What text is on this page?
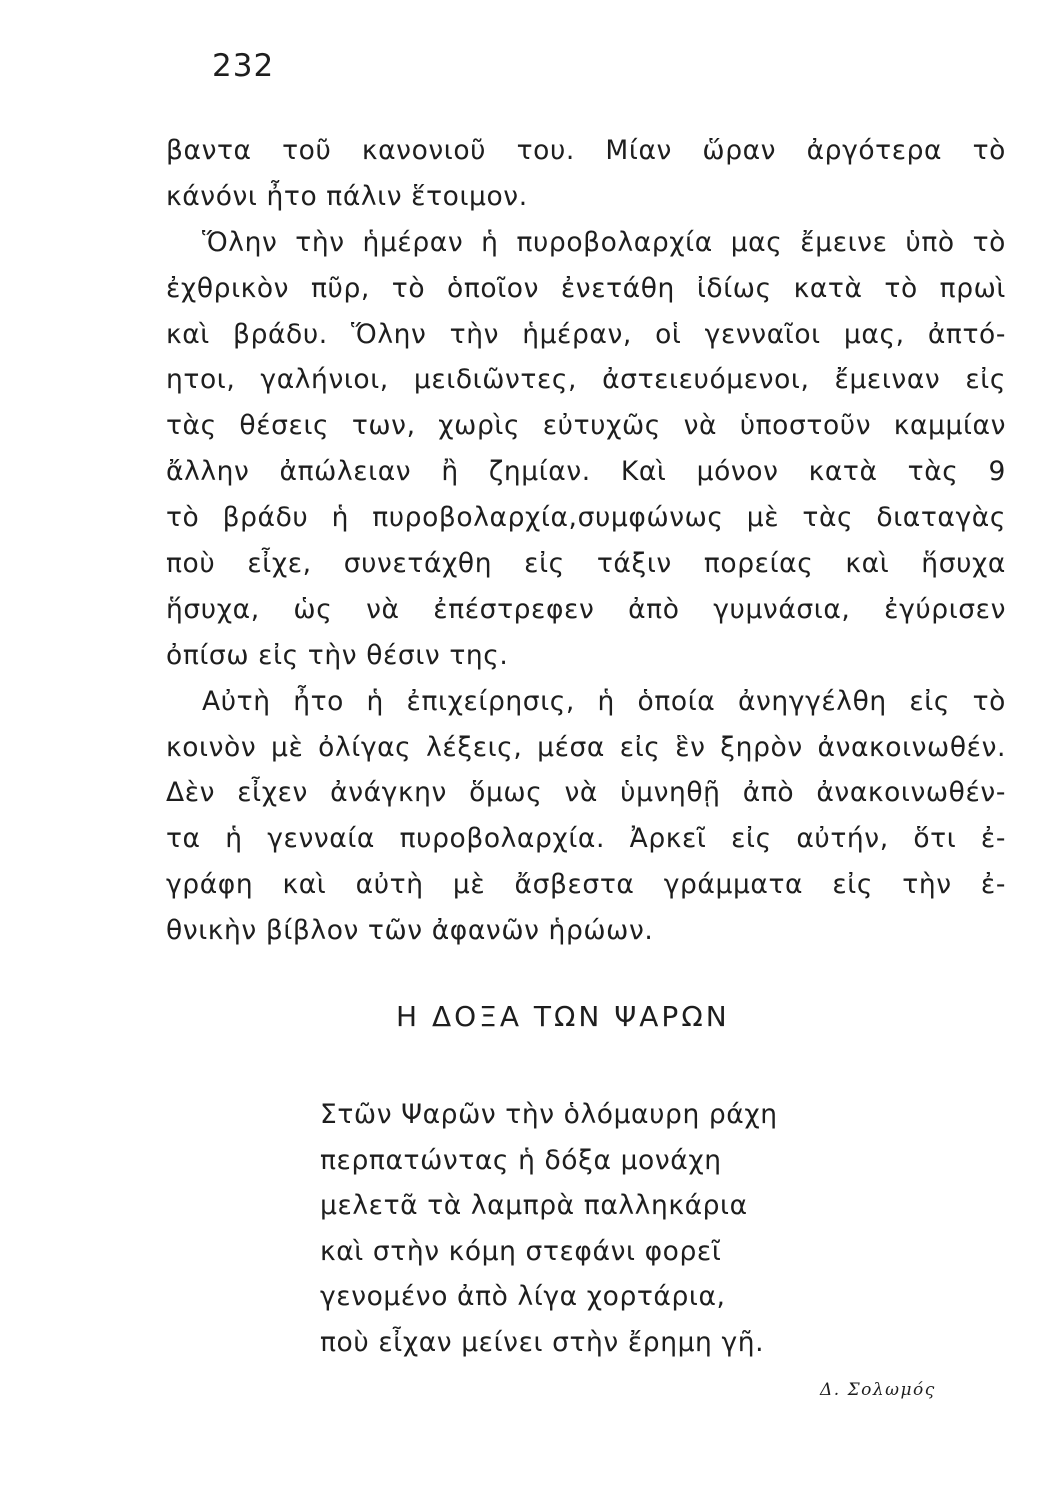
232
βαντα τοῦ κανονιοῦ του. Μίαν ὥραν ἀργότερα τὸ
κάνόνι ἦτο πάλιν ἕτοιμον.
Ὅλην τὴν ἡμέραν ἡ πυροβολαρχία μας ἔμεινε ὑπὸ τὸ
ἐχθρικὸν πῦρ, τὸ ὁποῖον ἐνετάθη ἰδίως κατὰ τὸ πρωὶ
καὶ βράδυ. Ὅλην τὴν ἡμέραν, οἱ γενναῖοι μας, ἀπτό-
ητοι, γαλήνιοι, μειδιῶντες, ἀστειευόμενοι, ἔμειναν εἰς
τὰς θέσεις των, χωρὶς εὐτυχῶς νὰ ὑποστοῦν καμμίαν
ἄλλην ἀπώλειαν ἢ ζημίαν. Καὶ μόνον κατὰ τὰς 9
τὸ βράδυ ἡ πυροβολαρχία,συμφώνως μὲ τὰς διαταγὰς
ποὺ εἶχε, συνετάχθη εἰς τάξιν πορείας καὶ ἥσυχα
ἥσυχα, ὡς νὰ ἐπέστρεφεν ἀπὸ γυμνάσια, ἐγύρισεν
ὀπίσω εἰς τὴν θέσιν της.
Αὐτὴ ἦτο ἡ ἐπιχείρησις, ἡ ὁποία ἀνηγγέλθη εἰς τὸ
κοινὸν μὲ ὀλίγας λέξεις, μέσα εἰς ἓν ξηρὸν ἀνακοινωθέν.
Δὲν εἶχεν ἀνάγκην ὅμως νὰ ὑμνηθῇ ἀπὸ ἀνακοινωθέν-
τα ἡ γενναία πυροβολαρχία. Ἀρκεῖ εἰς αὐτήν, ὅτι ἐ-
γράφη καὶ αὐτὴ μὲ ἄσβεστα γράμματα εἰς τὴν ἐ-
θνικὴν βίβλον τῶν ἀφανῶν ἡρώων.
Η ΔΟΞΑ ΤΩΝ ΨΑΡΩΝ
Στῶν Ψαρῶν τὴν ὁλόμαυρη ράχη
περπατώντας ἡ δόξα μονάχη
μελετᾶ τὰ λαμπρὰ παλληκάρια
καὶ στὴν κόμη στεφάνι φορεῖ
γενομένο ἀπὸ λίγα χορτάρια,
ποὺ εἶχαν μείνει στὴν ἔρημη γῆ.
Δ. Σολωμός
